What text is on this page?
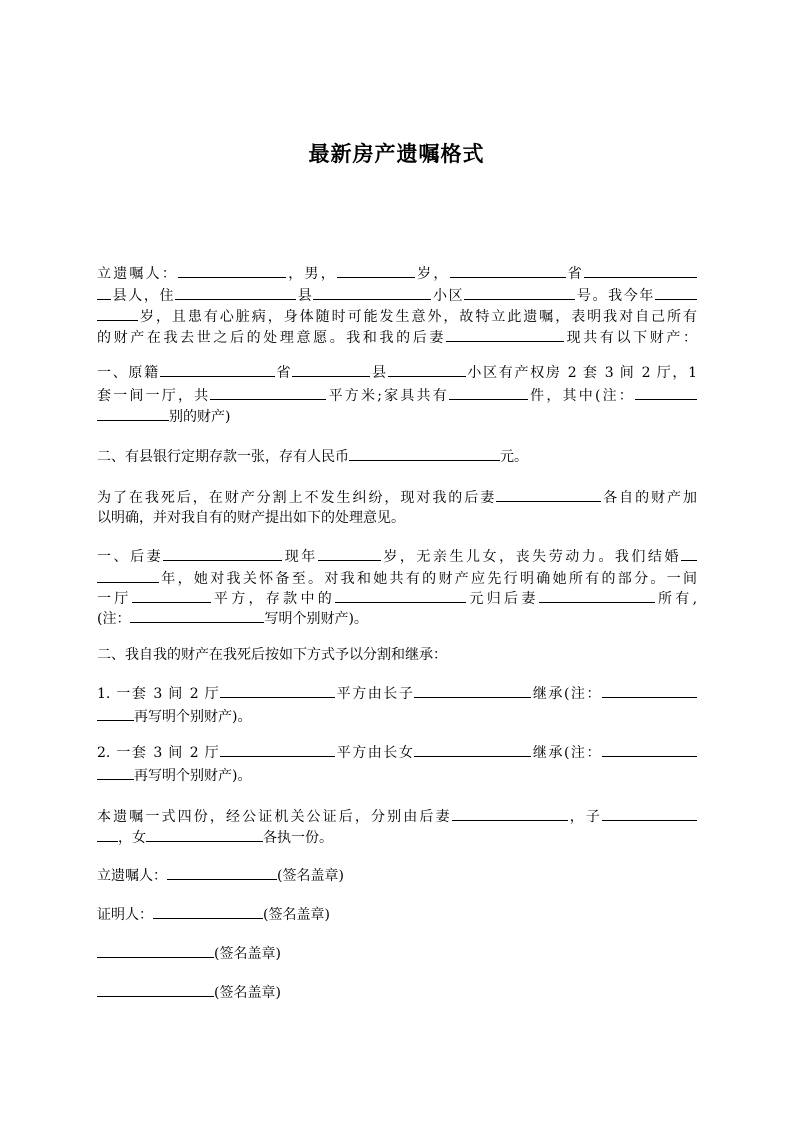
最新房产遗嘱格式
立遗嘱人：	，男，	岁，	省
县人，住	县	小区	号。我今年
岁，且患有心脏病，身体随时可能发生意外，故特立此遗嘱，表明我对自己所有
的财产在我去世之后的处理意愿。我和我的后妻	现共有以下财产：
一、原籍	省	县	小区有产权房 2 套 3 间 2 厅，1
套一间一厅，共	平方米;家具共有	件，其中(注：
别的财产)
二、有县银行定期存款一张，存有人民币	元。
为了在我死后，在财产分割上不发生纠纷，现对我的后妻	各自的财产加
以明确，并对我自有的财产提出如下的处理意见。
一、后妻	现年	岁，无亲生儿女，丧失劳动力。我们结婚
年，她对我关怀备至。对我和她共有的财产应先行明确她所有的部分。一间
一厅	平方，存款中的	元归后妻	所有,
(注：	写明个别财产)。
二、我自我的财产在我死后按如下方式予以分割和继承：
1. 一套 3 间 2 厅	平方由长子	继承(注：
再写明个别财产)。
2. 一套 3 间 2 厅	平方由长女	继承(注：
再写明个别财产)。
本遗嘱一式四份，经公证机关公证后，分别由后妻	，子
，女	各执一份。
立遗嘱人：	(签名盖章)
证明人：	(签名盖章)
(签名盖章)
(签名盖章)
